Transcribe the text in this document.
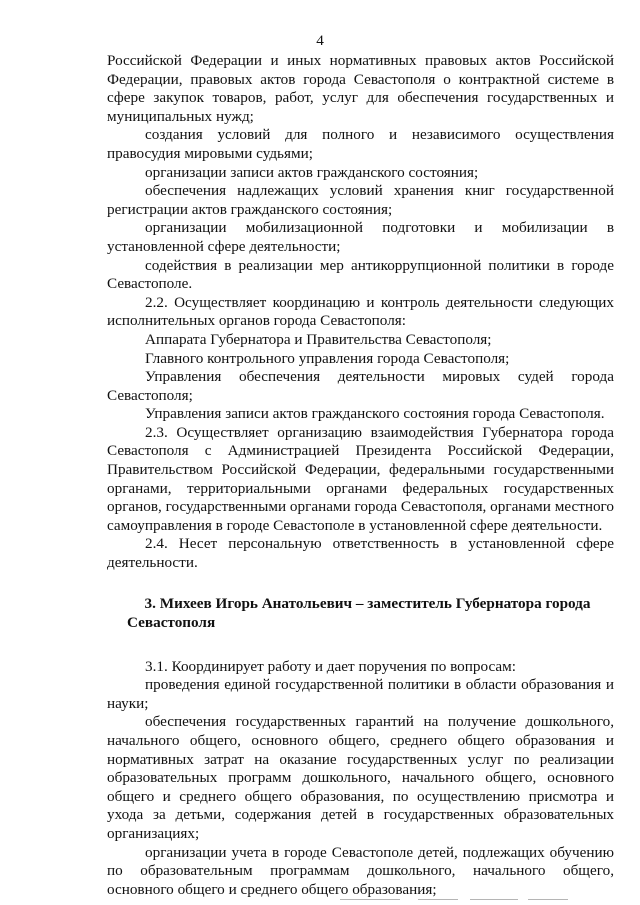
4

Российской Федерации и иных нормативных правовых актов Российской Федерации, правовых актов города Севастополя о контрактной системе в сфере закупок товаров, работ, услуг для обеспечения государственных и муниципальных нужд;

создания условий для полного и независимого осуществления правосудия мировыми судьями;

организации записи актов гражданского состояния;

обеспечения надлежащих условий хранения книг государственной регистрации актов гражданского состояния;

организации мобилизационной подготовки и мобилизации в установленной сфере деятельности;

содействия в реализации мер антикоррупционной политики в городе Севастополе.

2.2. Осуществляет координацию и контроль деятельности следующих исполнительных органов города Севастополя:

Аппарата Губернатора и Правительства Севастополя;

Главного контрольного управления города Севастополя;

Управления обеспечения деятельности мировых судей города Севастополя;

Управления записи актов гражданского состояния города Севастополя.

2.3. Осуществляет организацию взаимодействия Губернатора города Севастополя с Администрацией Президента Российской Федерации, Правительством Российской Федерации, федеральными государственными органами, территориальными органами федеральных государственных органов, государственными органами города Севастополя, органами местного самоуправления в городе Севастополе в установленной сфере деятельности.

2.4. Несет персональную ответственность в установленной сфере деятельности.

3. Михеев Игорь Анатольевич – заместитель Губернатора города Севастополя

3.1. Координирует работу и дает поручения по вопросам:

проведения единой государственной политики в области образования и науки;

обеспечения государственных гарантий на получение дошкольного, начального общего, основного общего, среднего общего образования и нормативных затрат на оказание государственных услуг по реализации образовательных программ дошкольного, начального общего, основного общего и среднего общего образования, по осуществлению присмотра и ухода за детьми, содержания детей в государственных образовательных организациях;

организации учета в городе Севастополе детей, подлежащих обучению по образовательным программам дошкольного, начального общего, основного общего и среднего общего образования;
